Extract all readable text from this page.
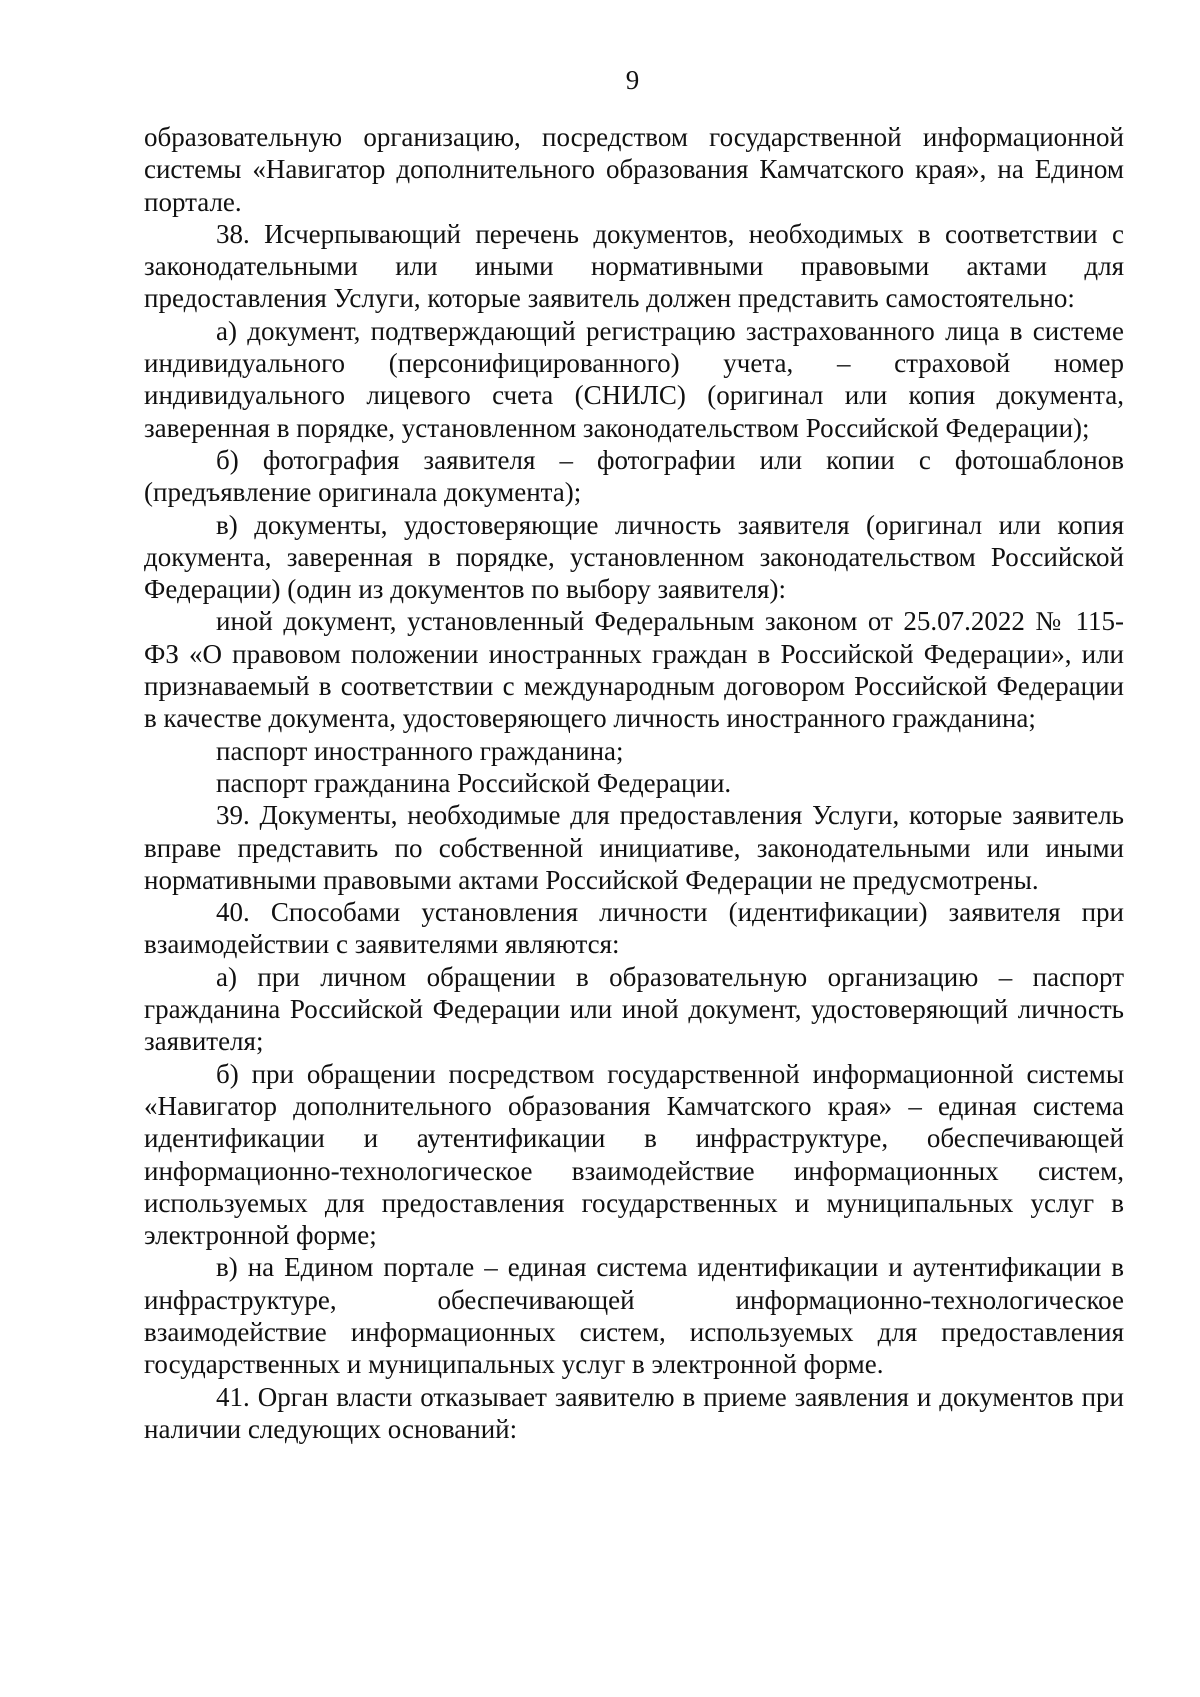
9

образовательную организацию, посредством государственной информационной системы «Навигатор дополнительного образования Камчатского края», на Едином портале.

38. Исчерпывающий перечень документов, необходимых в соответствии с законодательными или иными нормативными правовыми актами для предоставления Услуги, которые заявитель должен представить самостоятельно:

а) документ, подтверждающий регистрацию застрахованного лица в системе индивидуального (персонифицированного) учета, – страховой номер индивидуального лицевого счета (СНИЛС) (оригинал или копия документа, заверенная в порядке, установленном законодательством Российской Федерации);

б) фотография заявителя – фотографии или копии с фотошаблонов (предъявление оригинала документа);

в) документы, удостоверяющие личность заявителя (оригинал или копия документа, заверенная в порядке, установленном законодательством Российской Федерации) (один из документов по выбору заявителя):

иной документ, установленный Федеральным законом от 25.07.2022 № 115-ФЗ «О правовом положении иностранных граждан в Российской Федерации», или признаваемый в соответствии с международным договором Российской Федерации в качестве документа, удостоверяющего личность иностранного гражданина;

паспорт иностранного гражданина;

паспорт гражданина Российской Федерации.

39. Документы, необходимые для предоставления Услуги, которые заявитель вправе представить по собственной инициативе, законодательными или иными нормативными правовыми актами Российской Федерации не предусмотрены.

40. Способами установления личности (идентификации) заявителя при взаимодействии с заявителями являются:

а) при личном обращении в образовательную организацию – паспорт гражданина Российской Федерации или иной документ, удостоверяющий личность заявителя;

б) при обращении посредством государственной информационной системы «Навигатор дополнительного образования Камчатского края» – единая система идентификации и аутентификации в инфраструктуре, обеспечивающей информационно-технологическое взаимодействие информационных систем, используемых для предоставления государственных и муниципальных услуг в электронной форме;

в) на Едином портале – единая система идентификации и аутентификации в инфраструктуре, обеспечивающей информационно-технологическое взаимодействие информационных систем, используемых для предоставления государственных и муниципальных услуг в электронной форме.

41. Орган власти отказывает заявителю в приеме заявления и документов при наличии следующих оснований:
